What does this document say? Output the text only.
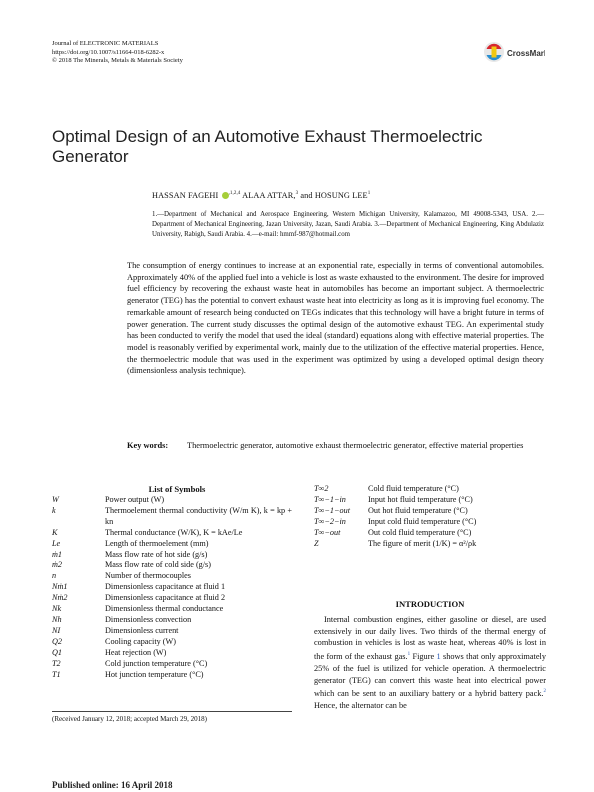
Journal of ELECTRONIC MATERIALS
https://doi.org/10.1007/s11664-018-6282-x
© 2018 The Minerals, Metals & Materials Society
CrossMark
Optimal Design of an Automotive Exhaust Thermoelectric Generator
HASSAN FAGEHI $^{,1,2,4}$ ALAA ATTAR,$^3$ and HOSUNG LEE$^1$
1.—Department of Mechanical and Aerospace Engineering, Western Michigan University, Kalamazoo, MI 49008-5343, USA. 2.—Department of Mechanical Engineering, Jazan University, Jazan, Saudi Arabia. 3.—Department of Mechanical Engineering, King Abdulaziz University, Rabigh, Saudi Arabia. 4.—e-mail: hmmf-987@hotmail.com
The consumption of energy continues to increase at an exponential rate, especially in terms of conventional automobiles. Approximately 40% of the applied fuel into a vehicle is lost as waste exhausted to the environment. The desire for improved fuel efficiency by recovering the exhaust waste heat in automobiles has become an important subject. A thermoelectric generator (TEG) has the potential to convert exhaust waste heat into electricity as long as it is improving fuel economy. The remarkable amount of research being conducted on TEGs indicates that this technology will have a bright future in terms of power generation. The current study discusses the optimal design of the automotive exhaust TEG. An experimental study has been conducted to verify the model that used the ideal (standard) equations along with effective material properties. The model is reasonably verified by experimental work, mainly due to the utilization of the effective material properties. Hence, the thermoelectric module that was used in the experiment was optimized by using a developed optimal design theory (dimensionless analysis technique).
Key words: Thermoelectric generator, automotive exhaust thermoelectric generator, effective material properties
List of Symbols
W	Power output (W)
k	Thermoelement thermal conductivity (W/m K), k = kp + kn
K	Thermal conductance (W/K), K = kAe/Le
Le	Length of thermoelement (mm)
ṁ1	Mass flow rate of hot side (g/s)
ṁ2	Mass flow rate of cold side (g/s)
n	Number of thermocouples
Nṁ1	Dimensionless capacitance at fluid 1
Nṁ2	Dimensionless capacitance at fluid 2
Nk	Dimensionless thermal conductance
Nh	Dimensionless convection
NI	Dimensionless current
Q2	Cooling capacity (W)
Q1	Heat rejection (W)
T2	Cold junction temperature (°C)
T1	Hot junction temperature (°C)
T∞2	Cold fluid temperature (°C)
T∞−1−in	Input hot fluid temperature (°C)
T∞−1−out	Out hot fluid temperature (°C)
T∞−2−in	Input cold fluid temperature (°C)
T∞−out	Out cold fluid temperature (°C)
Z	The figure of merit (1/K) = α²/ρk
INTRODUCTION
Internal combustion engines, either gasoline or diesel, are used extensively in our daily lives. Two thirds of the thermal energy of combustion in vehicles is lost as waste heat, whereas 40% is lost in the form of the exhaust gas.$^1$ Figure 1 shows that only approximately 25% of the fuel is utilized for vehicle operation. A thermoelectric generator (TEG) can convert this waste heat into electrical power which can be sent to an auxiliary battery or a hybrid battery pack.$^2$ Hence, the alternator can be
(Received January 12, 2018; accepted March 29, 2018)
Published online: 16 April 2018
